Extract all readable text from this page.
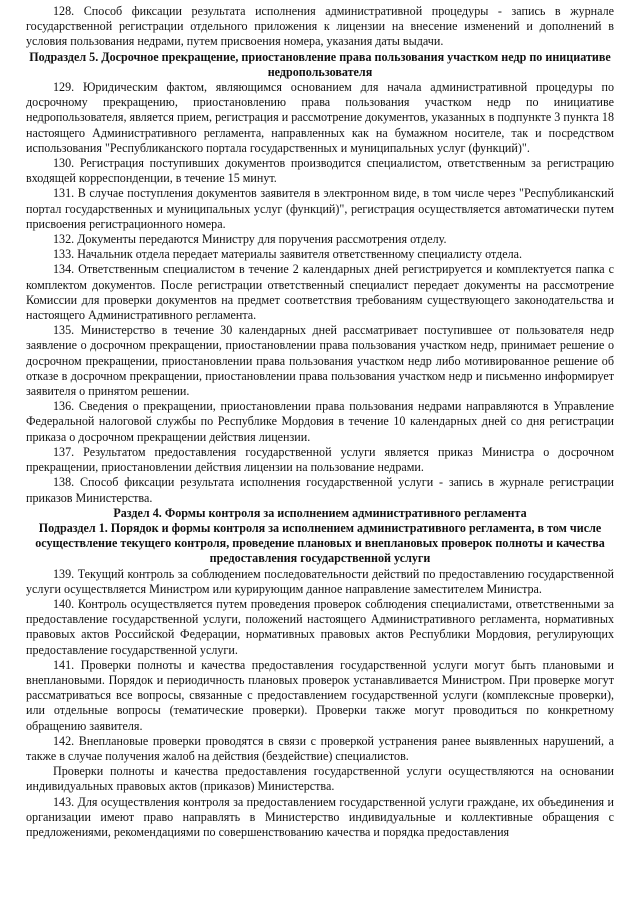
128. Способ фиксации результата исполнения административной процедуры - запись в журнале государственной регистрации отдельного приложения к лицензии на внесение изменений и дополнений в условия пользования недрами, путем присвоения номера, указания даты выдачи.

Подраздел 5. Досрочное прекращение, приостановление права пользования участком недр по инициативе недропользователя

129. Юридическим фактом, являющимся основанием для начала административной процедуры по досрочному прекращению, приостановлению права пользования участком недр по инициативе недропользователя, является прием, регистрация и рассмотрение документов, указанных в подпункте 3 пункта 18 настоящего Административного регламента, направленных как на бумажном носителе, так и посредством использования "Республиканского портала государственных и муниципальных услуг (функций)".

130. Регистрация поступивших документов производится специалистом, ответственным за регистрацию входящей корреспонденции, в течение 15 минут.

131. В случае поступления документов заявителя в электронном виде, в том числе через "Республиканский портал государственных и муниципальных услуг (функций)", регистрация осуществляется автоматически путем присвоения регистрационного номера.

132. Документы передаются Министру для поручения рассмотрения отделу.

133. Начальник отдела передает материалы заявителя ответственному специалисту отдела.

134. Ответственным специалистом в течение 2 календарных дней регистрируется и комплектуется папка с комплектом документов. После регистрации ответственный специалист передает документы на рассмотрение Комиссии для проверки документов на предмет соответствия требованиям существующего законодательства и настоящего Административного регламента.

135. Министерство в течение 30 календарных дней рассматривает поступившее от пользователя недр заявление о досрочном прекращении, приостановлении права пользования участком недр, принимает решение о досрочном прекращении, приостановлении права пользования участком недр либо мотивированное решение об отказе в досрочном прекращении, приостановлении права пользования участком недр и письменно информирует заявителя о принятом решении.

136. Сведения о прекращении, приостановлении права пользования недрами направляются в Управление Федеральной налоговой службы по Республике Мордовия в течение 10 календарных дней со дня регистрации приказа о досрочном прекращении действия лицензии.

137. Результатом предоставления государственной услуги является приказ Министра о досрочном прекращении, приостановлении действия лицензии на пользование недрами.

138. Способ фиксации результата исполнения государственной услуги - запись в журнале регистрации приказов Министерства.

Раздел 4. Формы контроля за исполнением административного регламента

Подраздел 1. Порядок и формы контроля за исполнением административного регламента, в том числе осуществление текущего контроля, проведение плановых и внеплановых проверок полноты и качества предоставления государственной услуги

139. Текущий контроль за соблюдением последовательности действий по предоставлению государственной услуги осуществляется Министром или курирующим данное направление заместителем Министра.

140. Контроль осуществляется путем проведения проверок соблюдения специалистами, ответственными за предоставление государственной услуги, положений настоящего Административного регламента, нормативных правовых актов Российской Федерации, нормативных правовых актов Республики Мордовия, регулирующих предоставление государственной услуги.

141. Проверки полноты и качества предоставления государственной услуги могут быть плановыми и внеплановыми. Порядок и периодичность плановых проверок устанавливается Министром. При проверке могут рассматриваться все вопросы, связанные с предоставлением государственной услуги (комплексные проверки), или отдельные вопросы (тематические проверки). Проверки также могут проводиться по конкретному обращению заявителя.

142. Внеплановые проверки проводятся в связи с проверкой устранения ранее выявленных нарушений, а также в случае получения жалоб на действия (бездействие) специалистов.

Проверки полноты и качества предоставления государственной услуги осуществляются на основании индивидуальных правовых актов (приказов) Министерства.

143. Для осуществления контроля за предоставлением государственной услуги граждане, их объединения и организации имеют право направлять в Министерство индивидуальные и коллективные обращения с предложениями, рекомендациями по совершенствованию качества и порядка предоставления
